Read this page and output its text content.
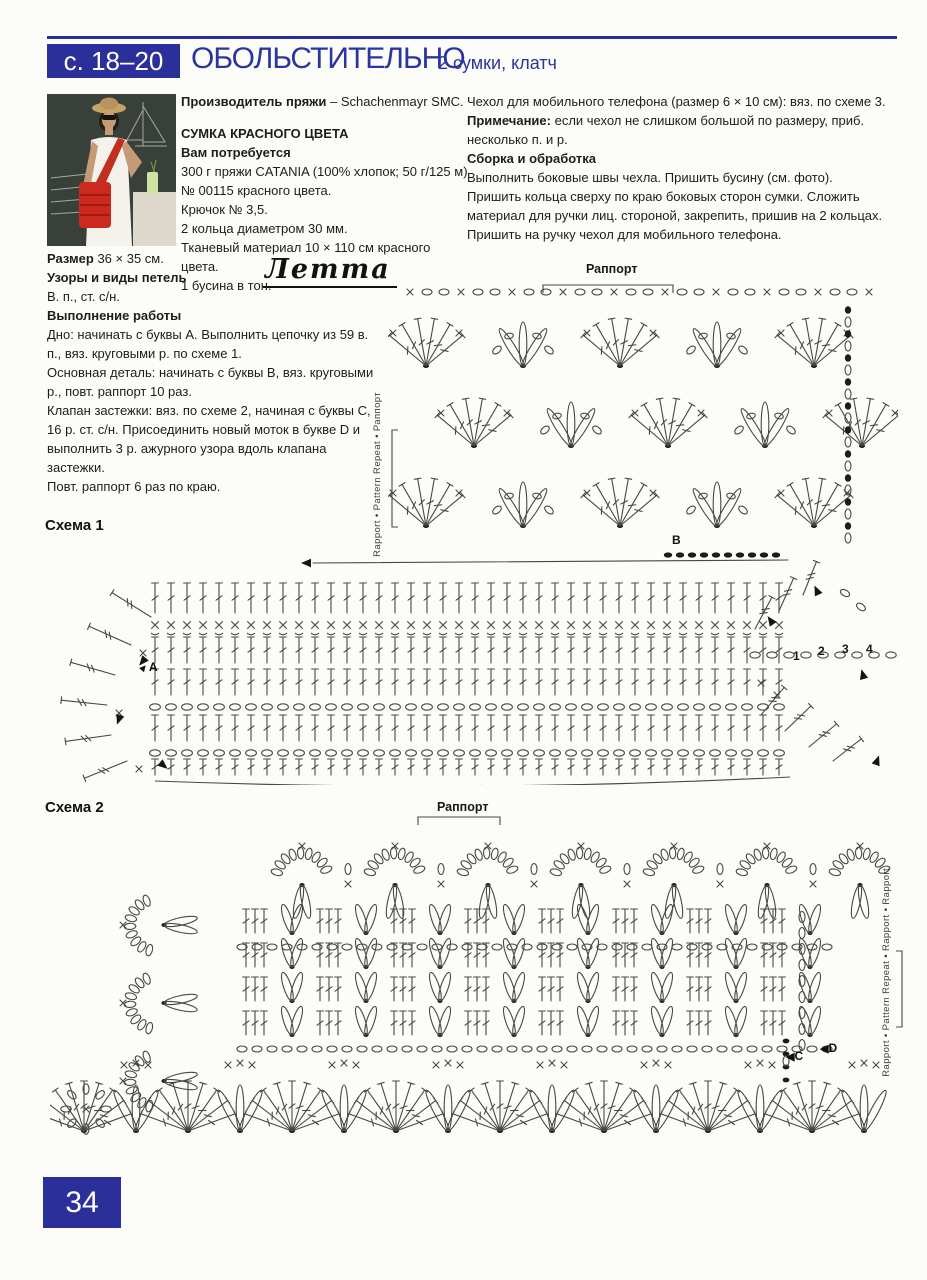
с. 18–20 ОБОЛЬСТИТЕЛЬНО
2 сумки, клатч

Производитель пряжи – Schachenmayr SMC.

СУМКА КРАСНОГО ЦВЕТА

Вам потребуется

300 г пряжи CATANIA (100% хлопок; 50 г/125 м)

№ 00115 красного цвета.

Крючок № 3,5.

2 кольца диаметром 30 мм.

Тканевый материал 10 × 110 см красного цвета.

1 бусина в тон.

Чехол для мобильного телефона (размер 6 × 10 см): вяз. по схеме 3.

Примечание: если чехол не слишком большой по размеру, приб. несколько п. и р.

Сборка и обработка

Выполнить боковые швы чехла. Пришить бусину (см. фото).

Пришить кольца сверху по краю боковых сторон сумки. Сложить материал для ручки лиц. стороной, закрепить, пришив на 2 кольцах. Пришить на ручку чехол для мобильного телефона.

Размер 36 × 35 см.

Узоры и виды петель

В. п., ст. с/н.

Выполнение работы

Дно: начинать с буквы А. Выполнить цепочку из 59 в. п., вяз. круговыми р. по схеме 1.

Основная деталь: начинать с буквы В, вяз. круговыми р., повт. раппорт 10 раз.

Клапан застежки: вяз. по схеме 2, начиная с буквы С, 16 р. ст. с/н. Присоединить новый моток в букве D и выполнить 3 р. ажурного узора вдоль клапана застежки.

Повт. раппорт 6 раз по краю.

Летта	Раппорт
Rapport • Pattern Repeat • Раппорт
Схема 1
B
▲A
1 2 3 4
Схема 2	Раппорт
Rapport • Pattern Repeat • Rapport • Rapport
◀C ◀D
34
